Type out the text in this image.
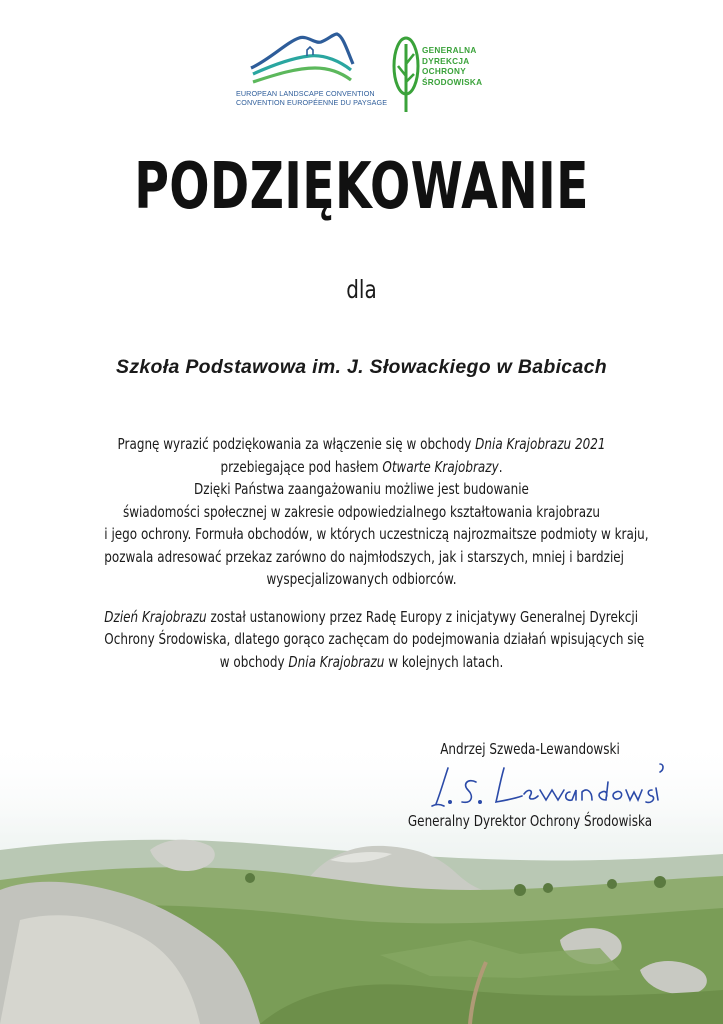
EUROPEAN LANDSCAPE CONVENTION
CONVENTION EUROPÉENNE DU PAYSAGE
GENERALNA
DYREKCJA
OCHRONY
ŚRODOWISKA
PODZIĘKOWANIE
dla
Szkoła Podstawowa im. J. Słowackiego w Babicach
Pragnę wyrazić podziękowania za włączenie się w obchody Dnia Krajobrazu 2021
przebiegające pod hasłem Otwarte Krajobrazy.
Dzięki Państwa zaangażowaniu możliwe jest budowanie
świadomości społecznej w zakresie odpowiedzialnego kształtowania krajobrazu
i jego ochrony. Formuła obchodów, w których uczestniczą najrozmaitsze podmioty w kraju,
pozwala adresować przekaz zarówno do najmłodszych, jak i starszych, mniej i bardziej
wyspecjalizowanych odbiorców.
Dzień Krajobrazu został ustanowiony przez Radę Europy z inicjatywy Generalnej Dyrekcji
Ochrony Środowiska, dlatego gorąco zachęcam do podejmowania działań wpisujących się
w obchody Dnia Krajobrazu w kolejnych latach.
Andrzej Szweda-Lewandowski
Generalny Dyrektor Ochrony Środowiska
